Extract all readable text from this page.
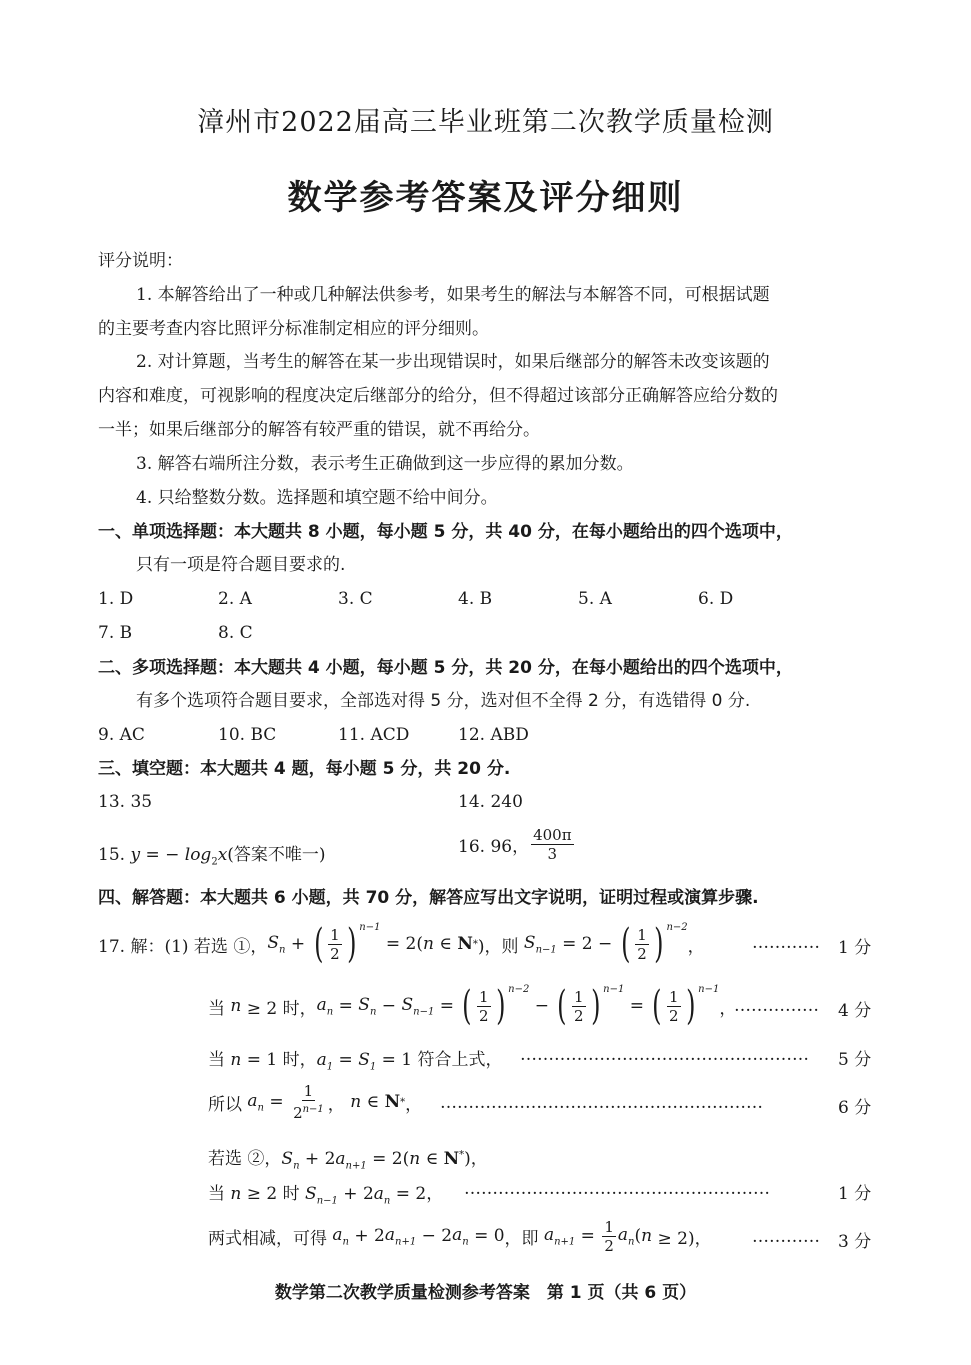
漳州市2022届高三毕业班第二次教学质量检测
数学参考答案及评分细则
评分说明：
1. 本解答给出了一种或几种解法供参考，如果考生的解法与本解答不同，可根据试题
的主要考查内容比照评分标准制定相应的评分细则。
2. 对计算题，当考生的解答在某一步出现错误时，如果后继部分的解答未改变该题的
内容和难度，可视影响的程度决定后继部分的给分，但不得超过该部分正确解答应给分数的
一半；如果后继部分的解答有较严重的错误，就不再给分。
3. 解答右端所注分数，表示考生正确做到这一步应得的累加分数。
4. 只给整数分数。选择题和填空题不给中间分。
一、单项选择题：本大题共 8 小题，每小题 5 分，共 40 分，在每小题给出的四个选项中，
只有一项是符合题目要求的.
1. D	2. A	3. C	4. B	5. A	6. D
7. B	8. C
二、多项选择题：本大题共 4 小题，每小题 5 分，共 20 分，在每小题给出的四个选项中，
有多个选项符合题目要求，全部选对得 5 分，选对但不全得 2 分，有选错得 0 分.
9. AC	10. BC	11. ACD	12. ABD
三、填空题：本大题共 4 题，每小题 5 分，共 20 分.
13. 35	14. 240
15. y = − $\log_2x$(答案不唯一)	16. 96， $\frac{400\pi}{3}$
四、解答题：本大题共 6 小题，共 70 分，解答应写出文字说明，证明过程或演算步骤.
17. 解：(1) 若选 ①， $S_n$ + ( $\frac{1}{2}$ ) $^{n-1}$
= 2( n ∈ N * )，则 $S_{n-1} = 2$ − ( $\frac{1}{2}$ ) $^{n-2}$
，	………… 1 分
当 n ≥ 2 时， $a_n = S_n - S_{n-1}$ = ( $\frac{1}{2}$ ) $^{n-2}$
− ( $\frac{1}{2}$ ) $^{n-1}$
= ( $\frac{1}{2}$ ) $^{n-1}$
，
…………… 4 分
当 n = 1 时，$a_1 = S_1 = 1$ 符合上式， …………………………………………… 5 分
所以
$a_n = \frac{1}{2^{n-1}}$ ， n ∈ N * ， …………………………………………………	6 分
若选 ②，$S_n + 2a_{n+1} = 2(n$ ∈ N*)，
当 n ≥ 2 时 $S_{n-1} + 2a_n = 2$， ………………………………………………	1 分
两式相减，可得
$a_n + 2$ $a_{n+1} - 2$ $a_n = 0$ ，即
$a_{n+1} = \frac{1}{2} a_n$ ( n ≥ 2)， ………… 3 分
数学第二次教学质量检测参考答案　第 1 页（共 6 页）
